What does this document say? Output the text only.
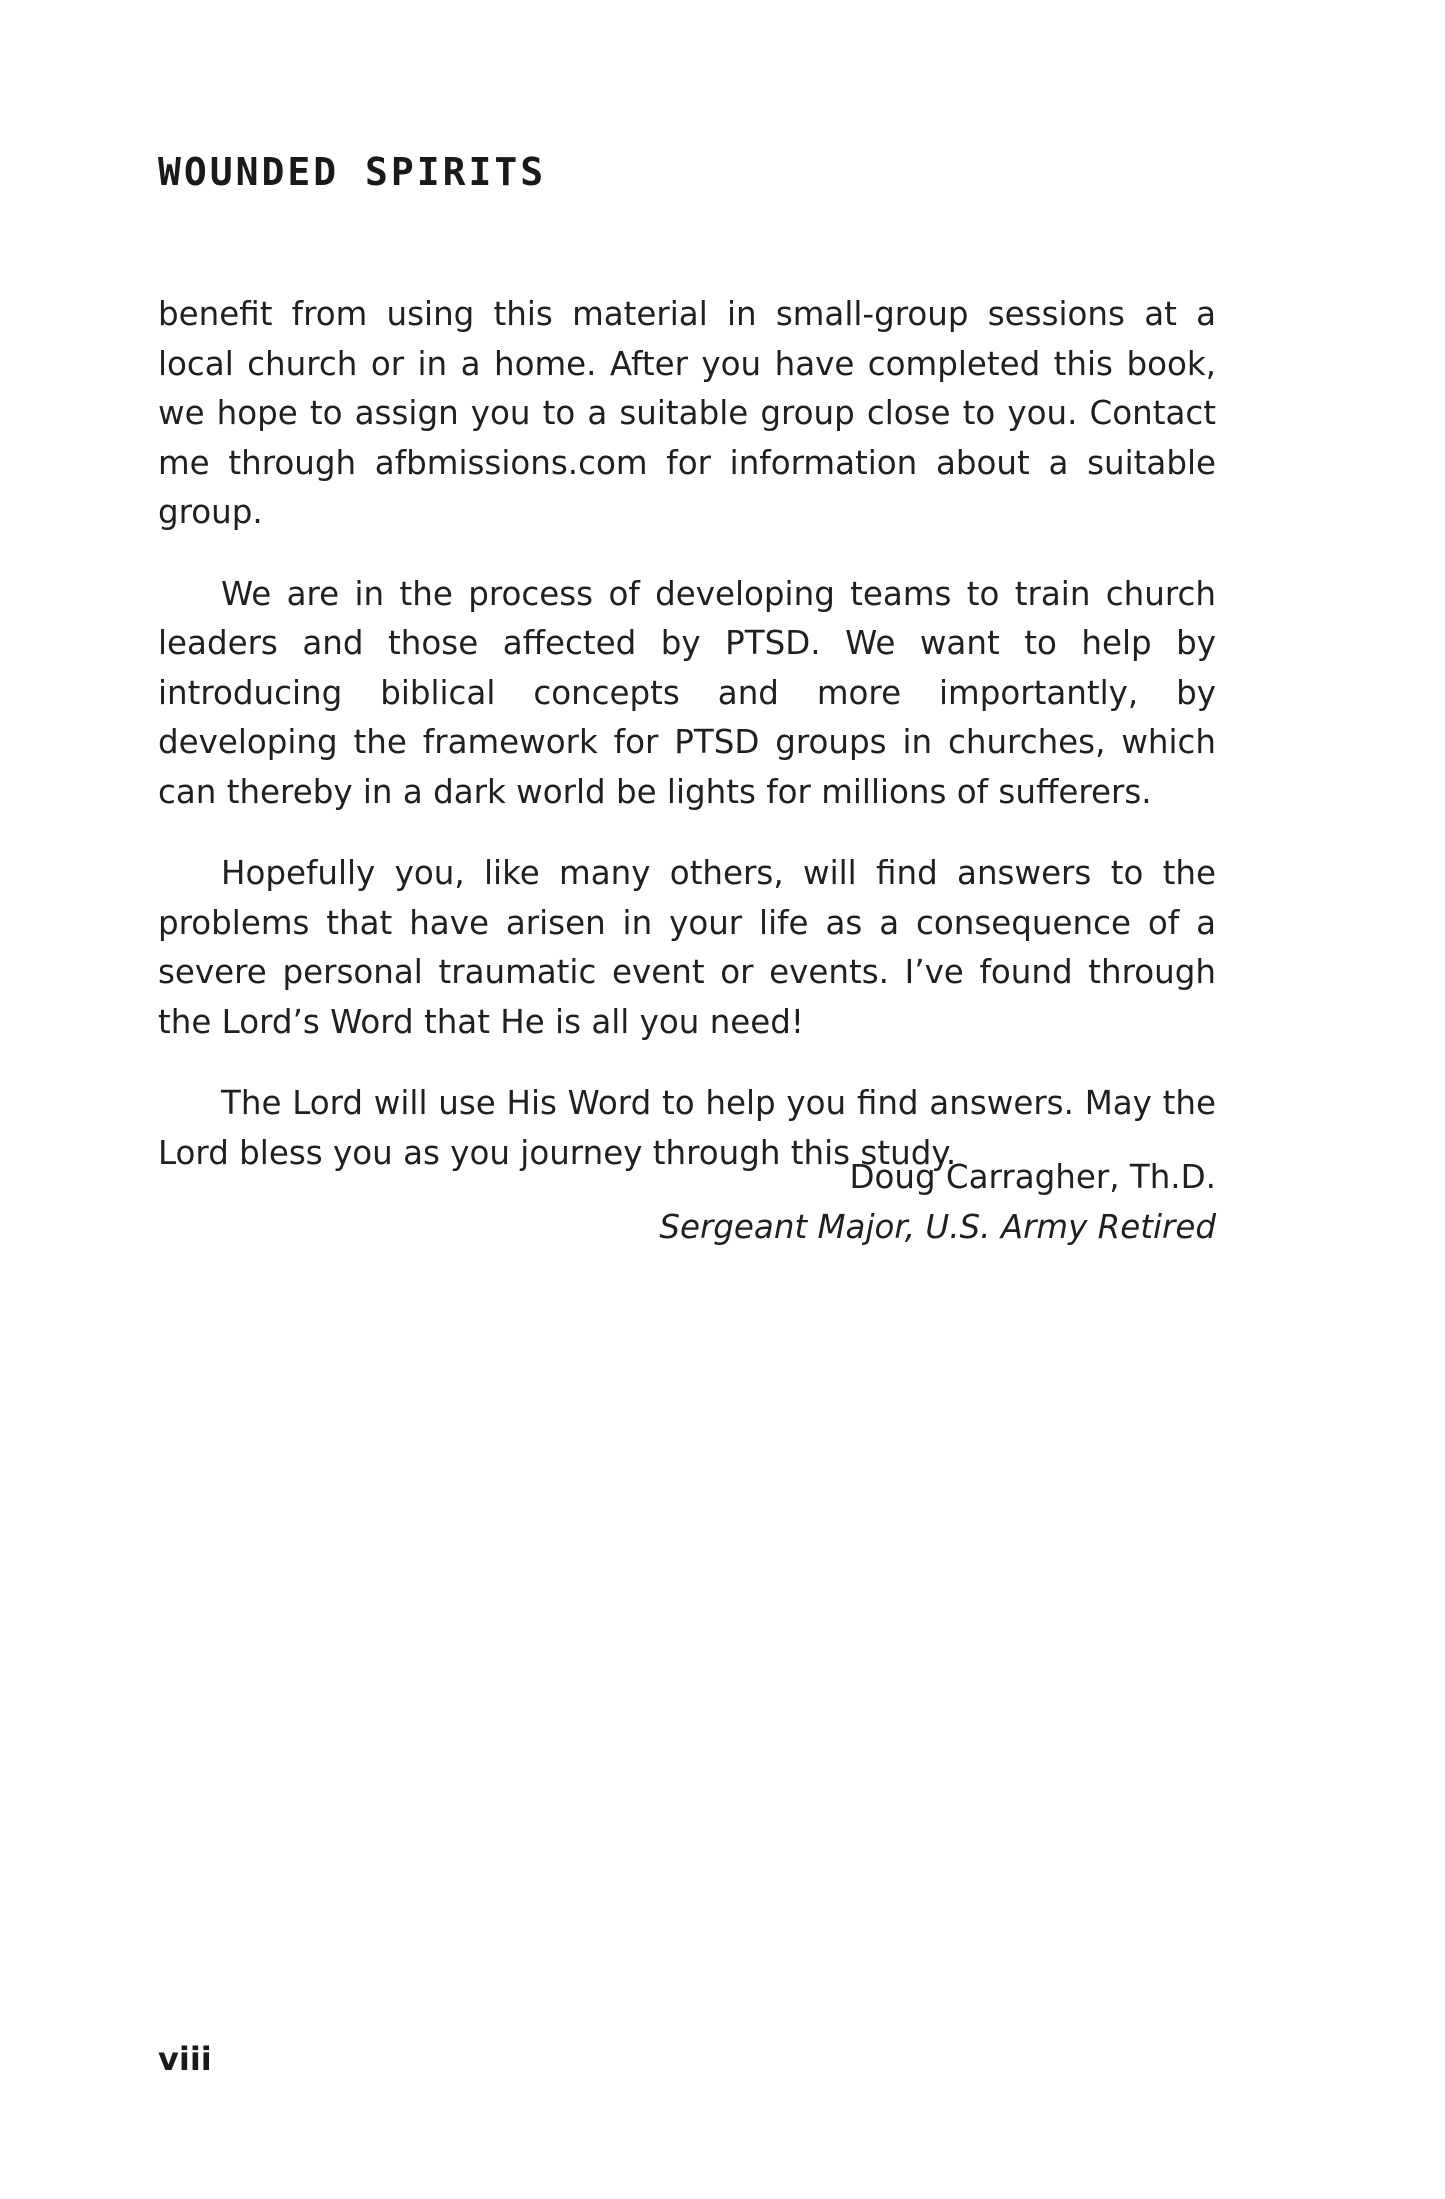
WOUNDED SPIRITS

benefit from using this material in small-group sessions at a local church or in a home. After you have completed this book, we hope to assign you to a suitable group close to you. Contact me through afbmissions.com for information about a suitable group.

We are in the process of developing teams to train church leaders and those affected by PTSD. We want to help by introducing biblical concepts and more importantly, by developing the framework for PTSD groups in churches, which can thereby in a dark world be lights for millions of sufferers.

Hopefully you, like many others, will find answers to the problems that have arisen in your life as a consequence of a severe personal traumatic event or events. I’ve found through the Lord’s Word that He is all you need!

The Lord will use His Word to help you find answers. May the Lord bless you as you journey through this study.

Doug Carragher, Th.D.

Sergeant Major, U.S. Army Retired

viii
